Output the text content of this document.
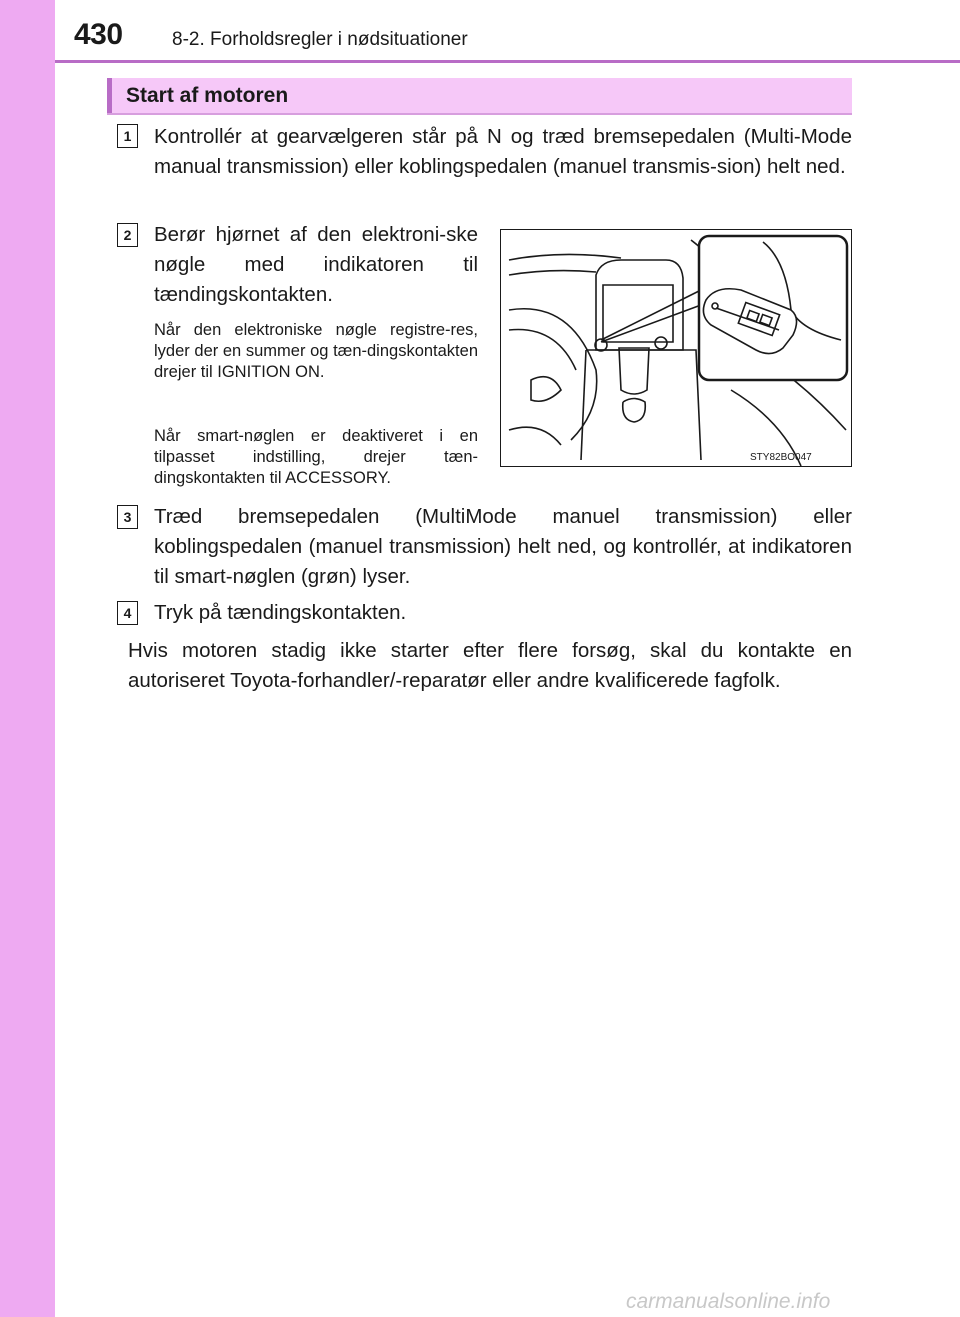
430	8-2. Forholdsregler i nødsituationer
Start af motoren
1	Kontrollér at gearvælgeren står på N og træd bremsepedalen (Multi-Mode manual transmission) eller koblingspedalen (manuel transmis-sion) helt ned.

2	Berør hjørnet af den elektroni-ske nøgle med indikatoren til tændingskontakten.

Når den elektroniske nøgle registre-res, lyder der en summer og tæn-dingskontakten drejer til IGNITION ON.

Når smart-nøglen er deaktiveret i en tilpasset indstilling, drejer tæn-dingskontakten til ACCESSORY.

STY82BO047
3	Træd bremsepedalen (MultiMode manuel transmission) eller koblingspedalen (manuel transmission) helt ned, og kontrollér, at indikatoren til smart-nøglen (grøn) lyser.

4	Tryk på tændingskontakten.

Hvis motoren stadig ikke starter efter flere forsøg, skal du kontakte en autoriseret Toyota-forhandler/-reparatør eller andre kvalificerede fagfolk.

carmanualsonline.info
